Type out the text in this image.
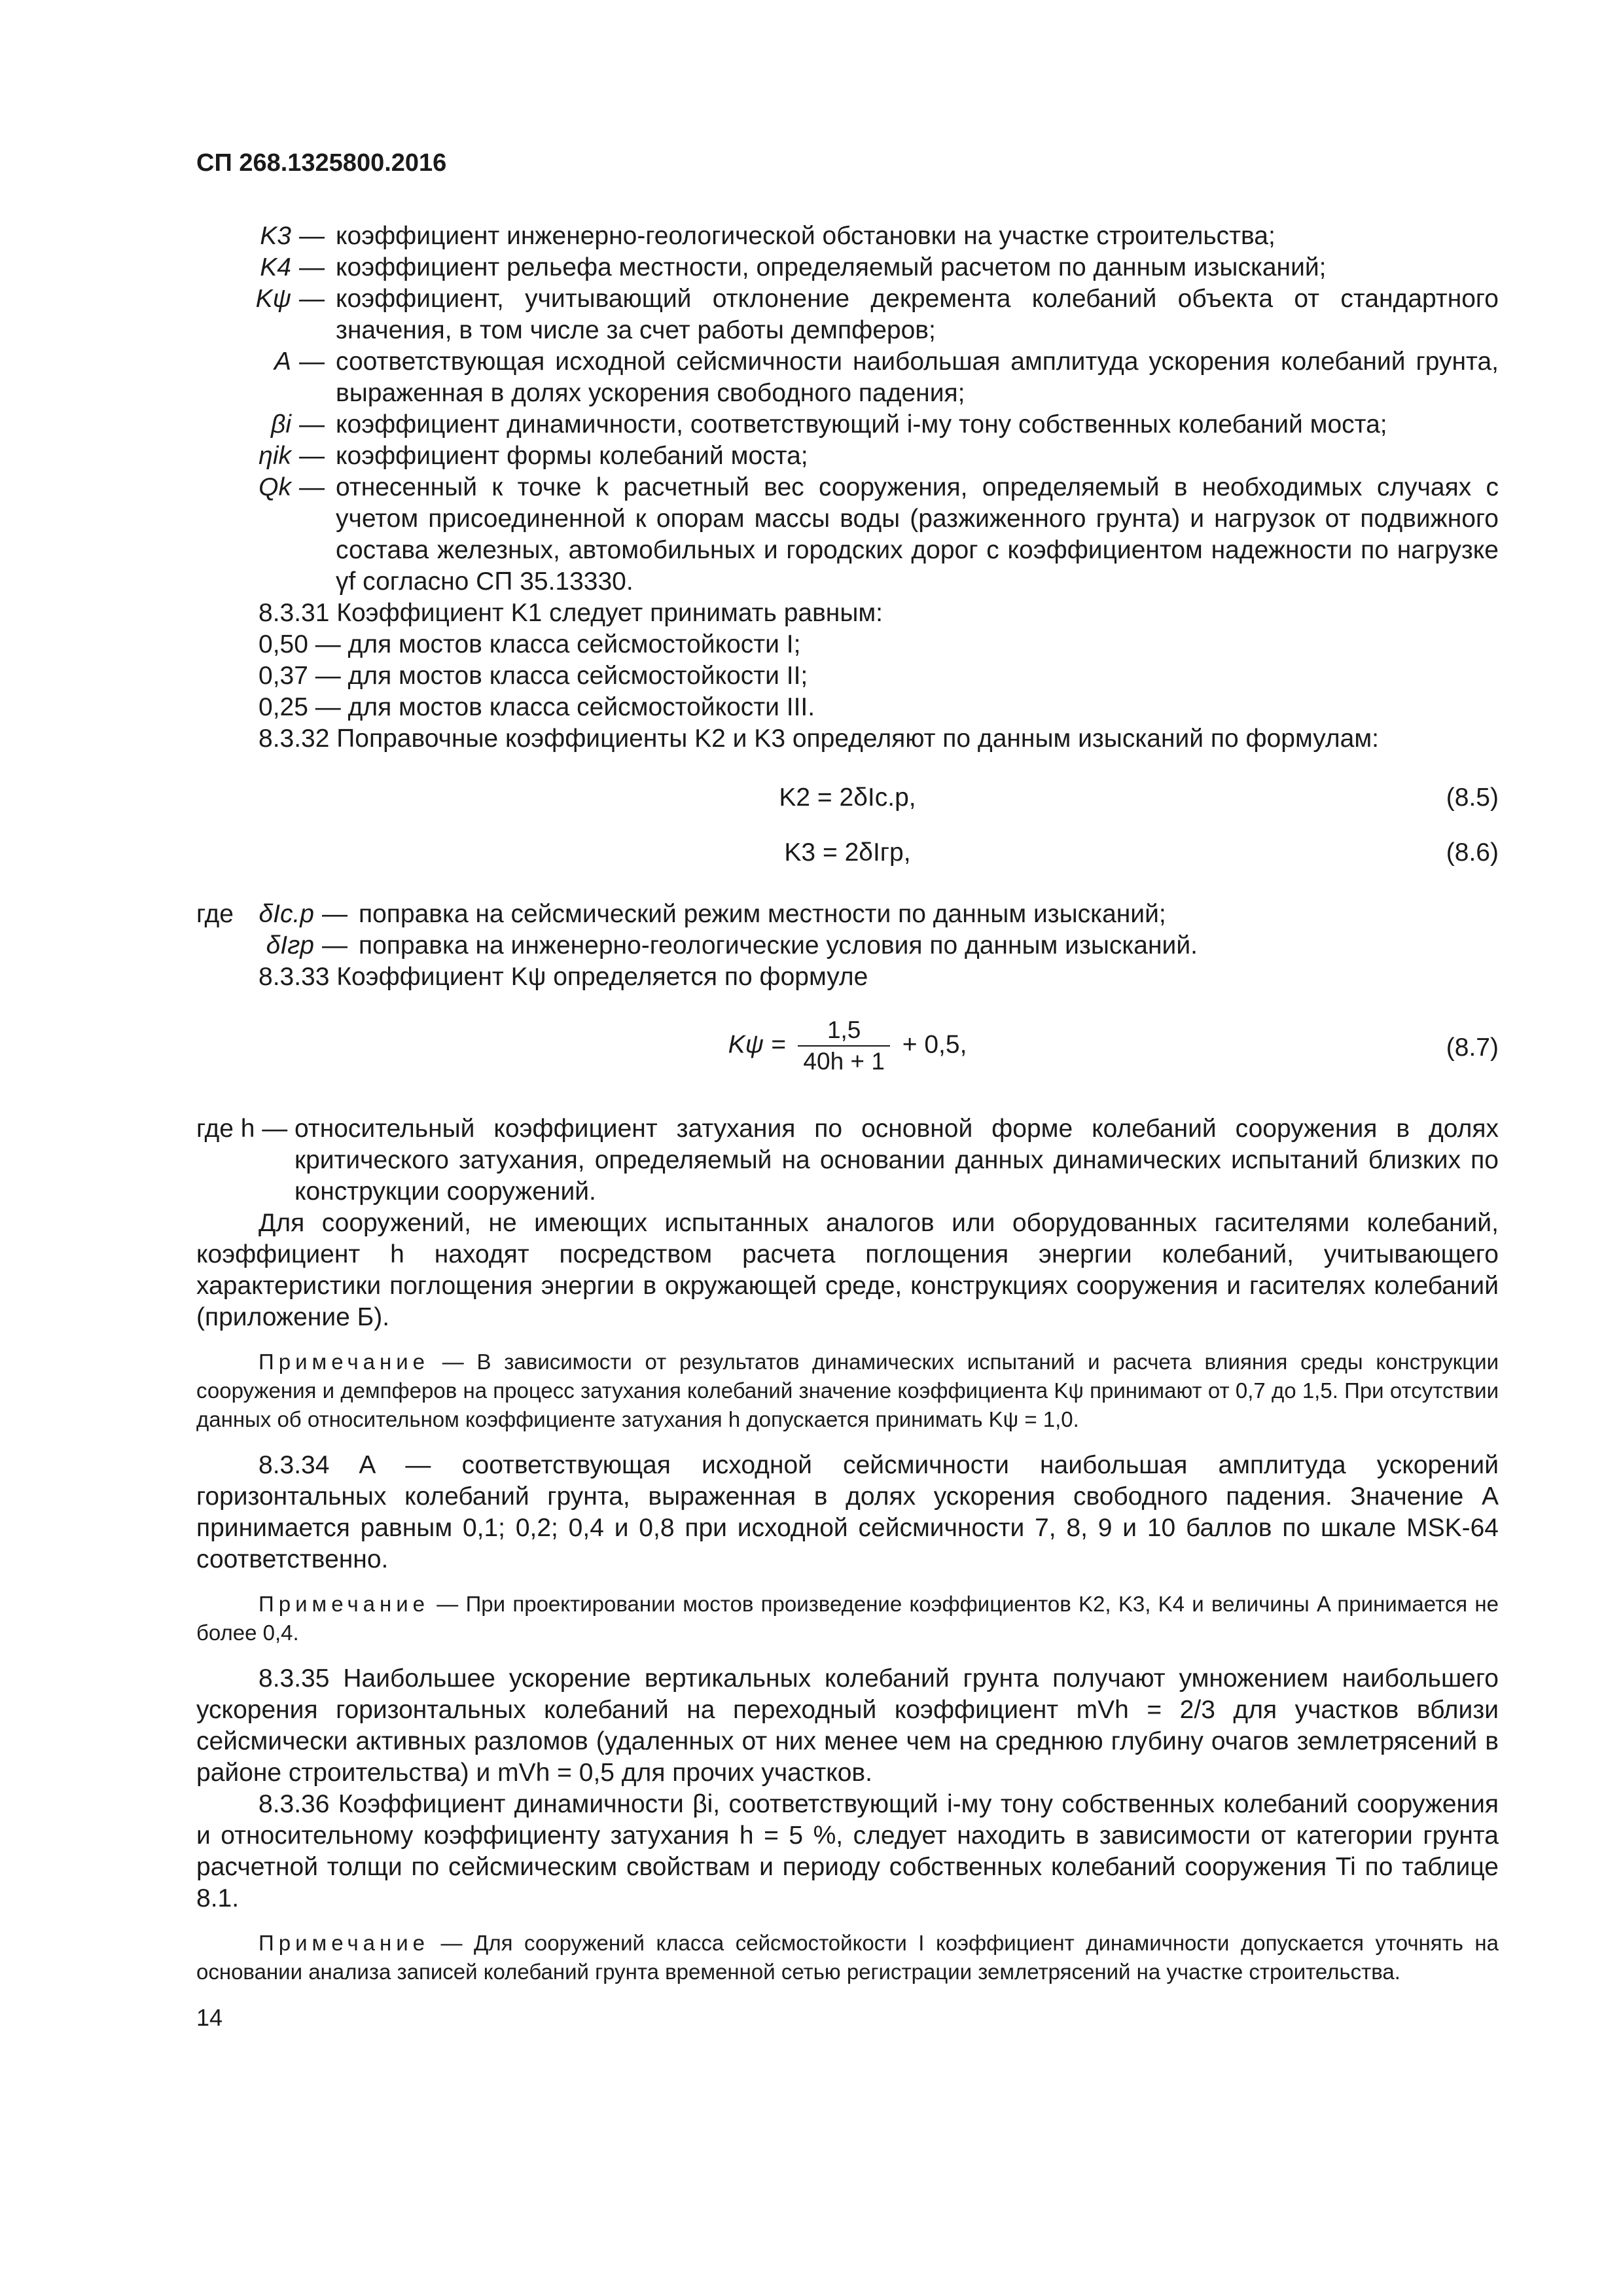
СП 268.1325800.2016
K3	—	коэффициент инженерно-геологической обстановки на участке строительства;
K4	—	коэффициент рельефа местности, определяемый расчетом по данным изысканий;
Kψ	—	коэффициент, учитывающий отклонение декремента колебаний объекта от стандартного значения, в том числе за счет работы демпферов;
A	—	соответствующая исходной сейсмичности наибольшая амплитуда ускорения колебаний грунта, выраженная в долях ускорения свободного падения;
βi	—	коэффициент динамичности, соответствующий i-му тону собственных колебаний моста;
ηik	—	коэффициент формы колебаний моста;
Qk	—	отнесенный к точке k расчетный вес сооружения, определяемый в необходимых случаях с учетом присоединенной к опорам массы воды (разжиженного грунта) и нагрузок от подвижного состава железных, автомобильных и городских дорог с коэффициентом надежности по нагрузке γf согласно СП 35.13330.

8.3.31 Коэффициент K1 следует принимать равным:

0,50 — для мостов класса сейсмостойкости I;

0,37 — для мостов класса сейсмостойкости II;

0,25 — для мостов класса сейсмостойкости III.

8.3.32 Поправочные коэффициенты K2 и K3 определяют по данным изысканий по формулам:

K2 = 2δIс.р,	(8.5)
K3 = 2δIгр,	(8.6)
где	δIс.р	—	поправка на сейсмический режим местности по данным изысканий;
	δIгр	—	поправка на инженерно-геологические условия по данным изысканий.

8.3.33 Коэффициент Kψ определяется по формуле

$K\psi = \frac{1,5}{40h + 1} + 0,5$,	(8.7)
где h —	относительный коэффициент затухания по основной форме колебаний сооружения в долях критического затухания, определяемый на основании данных динамических испытаний близких по конструкции сооружений.

Для сооружений, не имеющих испытанных аналогов или оборудованных гасителями колебаний, коэффициент h находят посредством расчета поглощения энергии колебаний, учитывающего характеристики поглощения энергии в окружающей среде, конструкциях сооружения и гасителях колебаний (приложение Б).

Примечание — В зависимости от результатов динамических испытаний и расчета влияния среды конструкции сооружения и демпферов на процесс затухания колебаний значение коэффициента Kψ принимают от 0,7 до 1,5. При отсутствии данных об относительном коэффициенте затухания h допускается принимать Kψ = 1,0.

8.3.34 A — соответствующая исходной сейсмичности наибольшая амплитуда ускорений горизонтальных колебаний грунта, выраженная в долях ускорения свободного падения. Значение A принимается равным 0,1; 0,2; 0,4 и 0,8 при исходной сейсмичности 7, 8, 9 и 10 баллов по шкале MSK-64 соответственно.

Примечание — При проектировании мостов произведение коэффициентов K2, K3, K4 и величины A принимается не более 0,4.

8.3.35 Наибольшее ускорение вертикальных колебаний грунта получают умножением наибольшего ускорения горизонтальных колебаний на переходный коэффициент mVh = 2/3 для участков вблизи сейсмически активных разломов (удаленных от них менее чем на среднюю глубину очагов землетрясений в районе строительства) и mVh = 0,5 для прочих участков.

8.3.36 Коэффициент динамичности βi, соответствующий i-му тону собственных колебаний сооружения и относительному коэффициенту затухания h = 5 %, следует находить в зависимости от категории грунта расчетной толщи по сейсмическим свойствам и периоду собственных колебаний сооружения Ti по таблице 8.1.

Примечание — Для сооружений класса сейсмостойкости I коэффициент динамичности допускается уточнять на основании анализа записей колебаний грунта временной сетью регистрации землетрясений на участке строительства.

14
